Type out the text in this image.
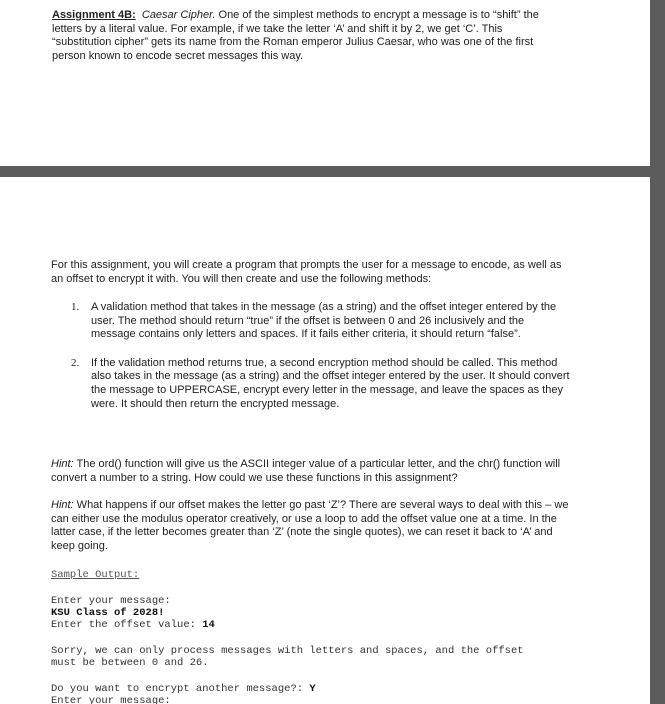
Assignment 4B: Caesar Cipher. One of the simplest methods to encrypt a message is to “shift” the letters by a literal value. For example, if we take the letter ‘A’ and shift it by 2, we get ‘C’. This “substitution cipher” gets its name from the Roman emperor Julius Caesar, who was one of the first person known to encode secret messages this way.

For this assignment, you will create a program that prompts the user for a message to encode, as well as an offset to encrypt it with. You will then create and use the following methods:

1. A validation method that takes in the message (as a string) and the offset integer entered by the user. The method should return “true” if the offset is between 0 and 26 inclusively and the message contains only letters and spaces. If it fails either criteria, it should return “false”.
2. If the validation method returns true, a second encryption method should be called. This method also takes in the message (as a string) and the offset integer entered by the user. It should convert the message to UPPERCASE, encrypt every letter in the message, and leave the spaces as they were. It should then return the encrypted message.

Hint: The ord() function will give us the ASCII integer value of a particular letter, and the chr() function will convert a number to a string. How could we use these functions in this assignment?

Hint: What happens if our offset makes the letter go past ‘Z’? There are several ways to deal with this – we can either use the modulus operator creatively, or use a loop to add the offset value one at a time. In the latter case, if the letter becomes greater than ‘Z’ (note the single quotes), we can reset it back to ‘A’ and keep going.

Sample Output:
Enter your message:
KSU Class of 2028!
Enter the offset value: 14
Sorry, we can only process messages with letters and spaces, and the offset
must be between 0 and 26.
Do you want to encrypt another message?: Y
Enter your message:
